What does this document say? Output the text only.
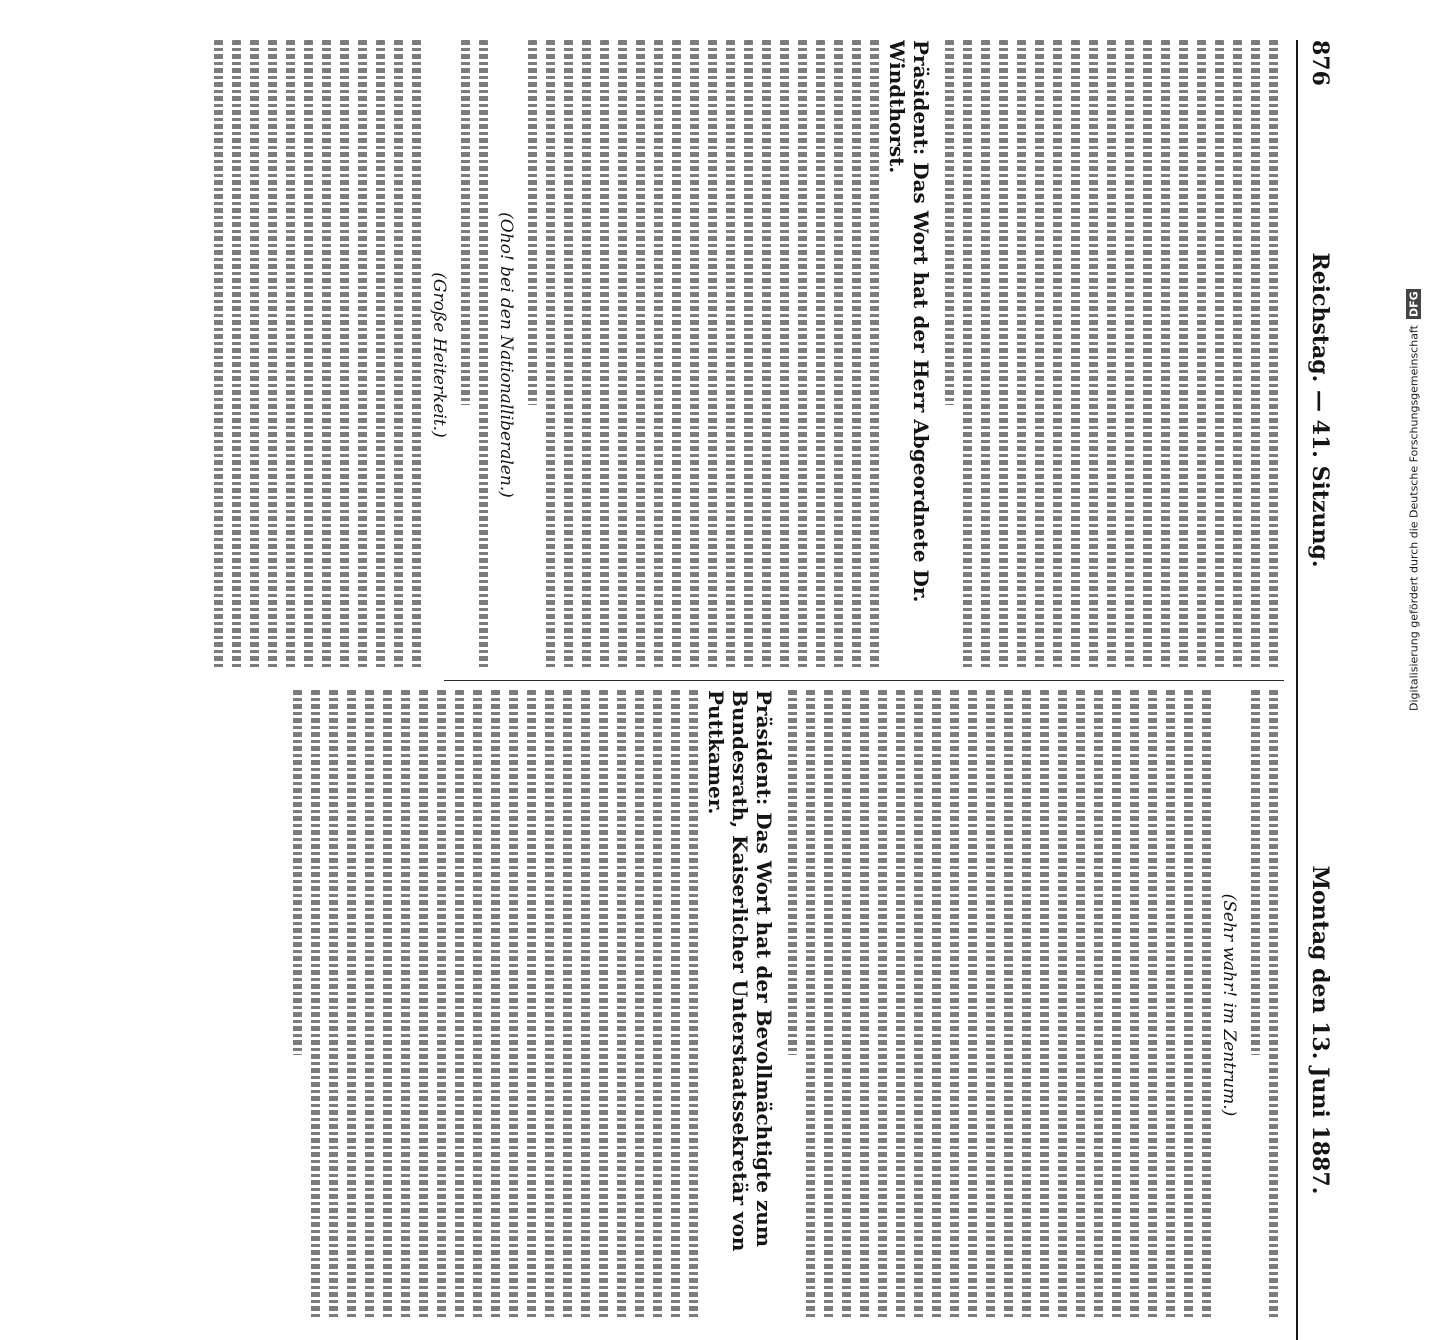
876
Reichstag. — 41. Sitzung.
Montag den 13. Juni 1887.
Präsident: Das Wort hat der Herr Abgeordnete Dr. Windthorst.
(Oho! bei den Nationalliberalen.)
(Große Heiterkeit.)
(Sehr wahr! im Zentrum.)
Präsident: Das Wort hat der Bevollmächtigte zum Bundesrath, Kaiserlicher Unterstaatssekretär von Puttkamer.
Digitalisierung gefördert durch die Deutsche Forschungsgemeinschaft
DFG
